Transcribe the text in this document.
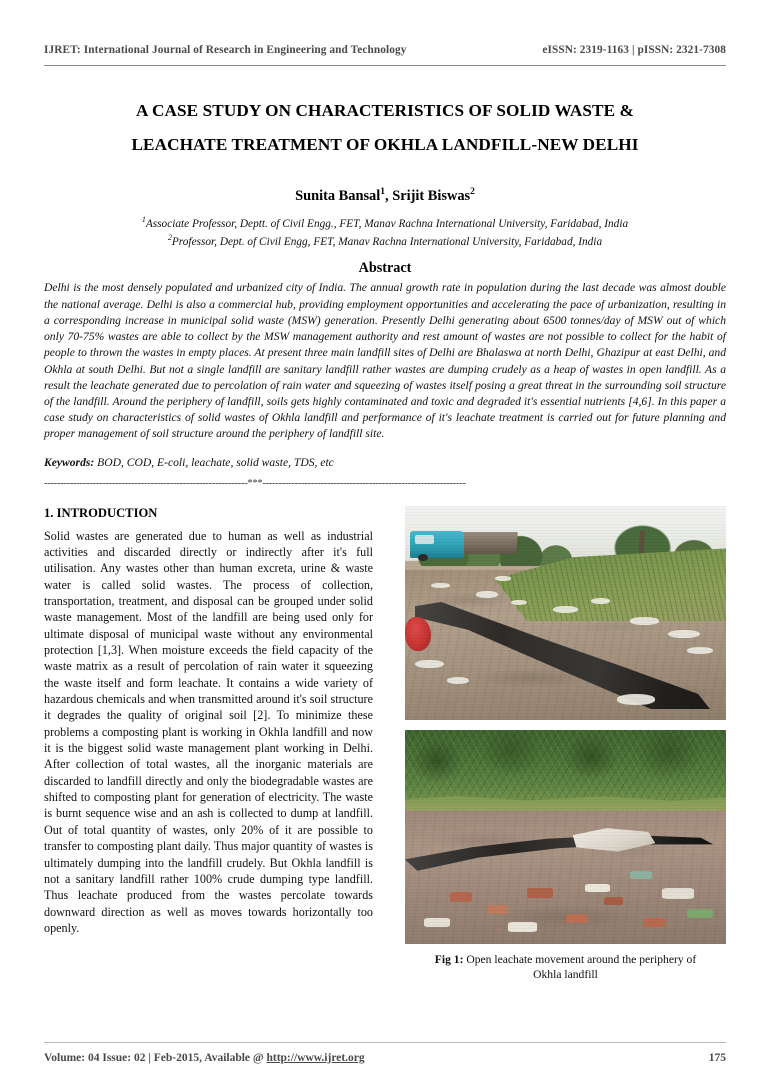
IJRET: International Journal of Research in Engineering and Technology	eISSN: 2319-1163 | pISSN: 2321-7308
A CASE STUDY ON CHARACTERISTICS OF SOLID WASTE &
LEACHATE TREATMENT OF OKHLA LANDFILL-NEW DELHI
Sunita Bansal$^1$, Srijit Biswas$^2$
$^1$Associate Professor, Deptt. of Civil Engg., FET, Manav Rachna International University, Faridabad, India
$^2$Professor, Dept. of Civil Engg, FET, Manav Rachna International University, Faridabad, India
Abstract
Delhi is the most densely populated and urbanized city of India. The annual growth rate in population during the last decade was almost double the national average. Delhi is also a commercial hub, providing employment opportunities and accelerating the pace of urbanization, resulting in a corresponding increase in municipal solid waste (MSW) generation. Presently Delhi generating about 6500 tonnes/day of MSW out of which only 70-75% wastes are able to collect by the MSW management authority and rest amount of wastes are not possible to collect for the habit of people to thrown the wastes in empty places. At present three main landfill sites of Delhi are Bhalaswa at north Delhi, Ghazipur at east Delhi, and Okhla at south Delhi. But not a single landfill are sanitary landfill rather wastes are dumping crudely as a heap of wastes in open landfill. As a result the leachate generated due to percolation of rain water and squeezing of wastes itself posing a great threat in the surrounding soil structure of the landfill. Around the periphery of landfill, soils gets highly contaminated and toxic and degraded it's essential nutrients [4,6]. In this paper a case study on characteristics of solid wastes of Okhla landfill and performance of it's leachate treatment is carried out for future planning and proper management of soil structure around the periphery of landfill site.
Keywords: BOD, COD, E-coli, leachate, solid waste, TDS, etc
---------------------------------------------------------------***---------------------------------------------------------------
1. INTRODUCTION

Solid wastes are generated due to human as well as industrial activities and discarded directly or indirectly after it's full utilisation. Any wastes other than human excreta, urine & waste water is called solid wastes. The process of collection, transportation, treatment, and disposal can be grouped under solid waste management. Most of the landfill are being used only for ultimate disposal of municipal waste without any environmental protection [1,3]. When moisture exceeds the field capacity of the waste matrix as a result of percolation of rain water it squeezing the waste itself and form leachate. It contains a wide variety of hazardous chemicals and when transmitted around it's soil structure it degrades the quality of original soil [2]. To minimize these problems a composting plant is working in Okhla landfill and now it is the biggest solid waste management plant working in Delhi. After collection of total wastes, all the inorganic materials are discarded to landfill directly and only the biodegradable wastes are shifted to composting plant for generation of electricity. The waste is burnt sequence wise and an ash is collected to dump at landfill. Out of total quantity of wastes, only 20% of it are possible to transfer to composting plant daily. Thus major quantity of wastes is ultimately dumping into the landfill crudely. But Okhla landfill is not a sanitary landfill rather 100% crude dumping type landfill. Thus leachate produced from the wastes percolate towards downward direction as well as moves towards horizontally too openly.

Fig 1: Open leachate movement around the periphery of
Okhla landfill
Volume: 04 Issue: 02 | Feb-2015, Available @ http://www.ijret.org	175
